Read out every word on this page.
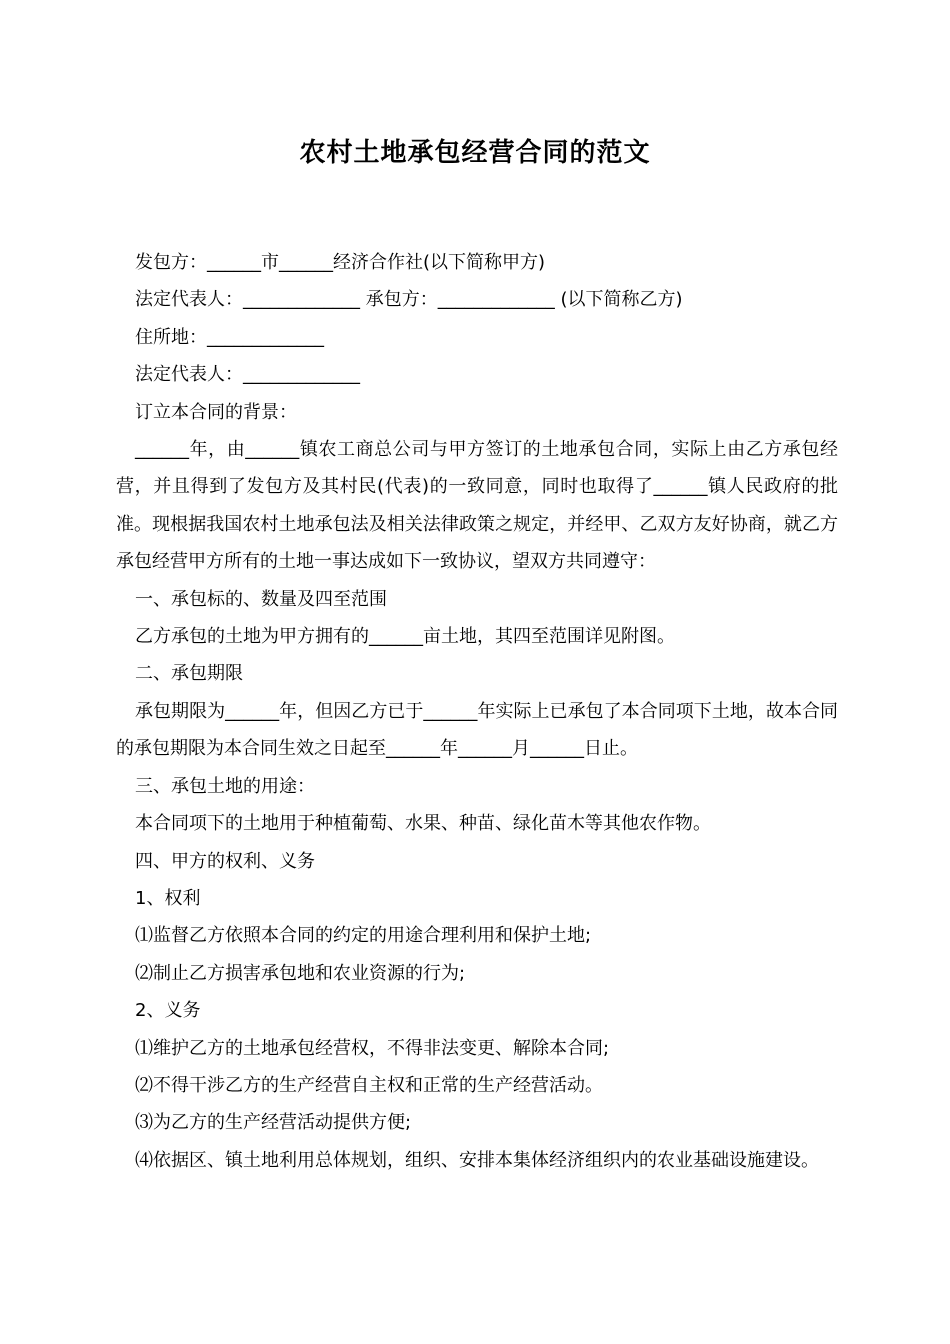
农村土地承包经营合同的范文

发包方：______市______经济合作社(以下简称甲方)

法定代表人：_____________ 承包方：_____________ (以下简称乙方)

住所地：_____________

法定代表人：_____________

订立本合同的背景：

______年，由______镇农工商总公司与甲方签订的土地承包合同，实际上由乙方承包经营，并且得到了发包方及其村民(代表)的一致同意，同时也取得了______镇人民政府的批准。现根据我国农村土地承包法及相关法律政策之规定，并经甲、乙双方友好协商，就乙方承包经营甲方所有的土地一事达成如下一致协议，望双方共同遵守：

一、承包标的、数量及四至范围

乙方承包的土地为甲方拥有的______亩土地，其四至范围详见附图。

二、承包期限

承包期限为______年，但因乙方已于______年实际上已承包了本合同项下土地，故本合同的承包期限为本合同生效之日起至______年______月______日止。

三、承包土地的用途：

本合同项下的土地用于种植葡萄、水果、种苗、绿化苗木等其他农作物。

四、甲方的权利、义务

1、权利

⑴监督乙方依照本合同的约定的用途合理利用和保护土地;

⑵制止乙方损害承包地和农业资源的行为;

2、义务

⑴维护乙方的土地承包经营权，不得非法变更、解除本合同;

⑵不得干涉乙方的生产经营自主权和正常的生产经营活动。

⑶为乙方的生产经营活动提供方便;

⑷依据区、镇土地利用总体规划，组织、安排本集体经济组织内的农业基础设施建设。
